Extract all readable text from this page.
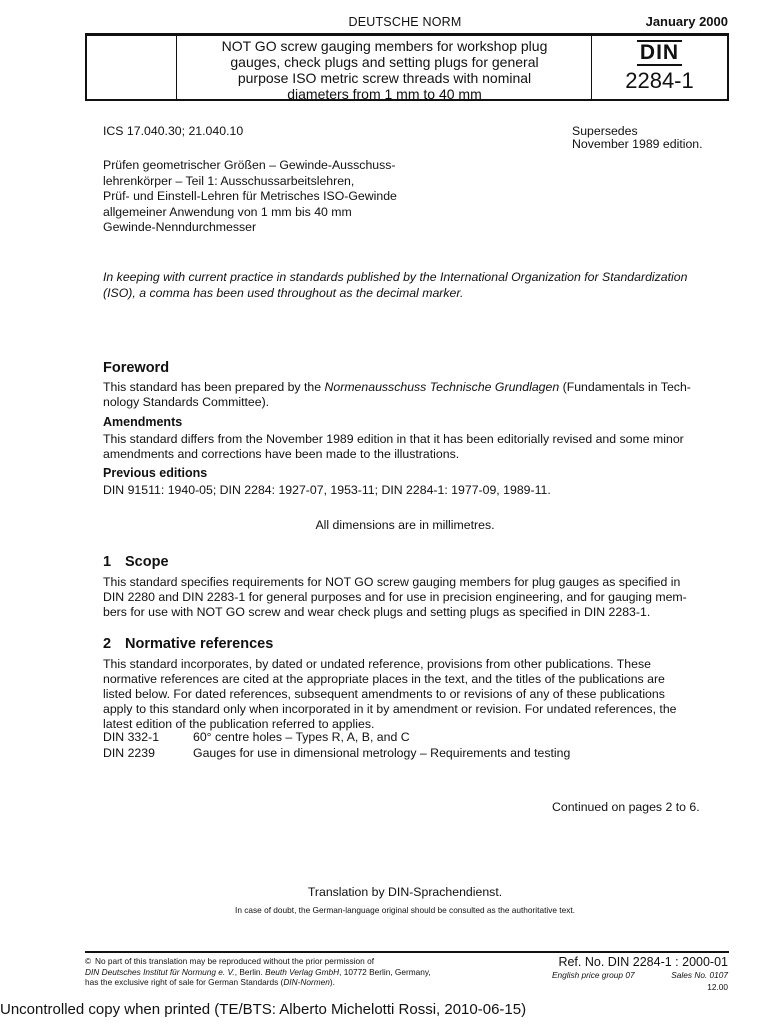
DEUTSCHE NORM	January 2000
NOT GO screw gauging members for workshop plug
gauges, check plugs and setting plugs for general
purpose ISO metric screw threads with nominal
diameters from 1 mm to 40 mm
DIN
2284-1
ICS 17.040.30; 21.040.10	Supersedes
November 1989 edition.
Prüfen geometrischer Größen – Gewinde-Ausschuss-
lehrenkörper – Teil 1: Ausschussarbeitslehren,
Prüf- und Einstell-Lehren für Metrisches ISO-Gewinde
allgemeiner Anwendung von 1 mm bis 40 mm
Gewinde-Nenndurchmesser
In keeping with current practice in standards published by the International Organization for Standardization
(ISO), a comma has been used throughout as the decimal marker.
Foreword
This standard has been prepared by the Normenausschuss Technische Grundlagen (Fundamentals in Tech-
nology Standards Committee).
Amendments
This standard differs from the November 1989 edition in that it has been editorially revised and some minor
amendments and corrections have been made to the illustrations.
Previous editions
DIN 91511: 1940-05; DIN 2284: 1927-07, 1953-11; DIN 2284-1: 1977-09, 1989-11.
All dimensions are in millimetres.
1 Scope
This standard specifies requirements for NOT GO screw gauging members for plug gauges as specified in
DIN 2280 and DIN 2283-1 for general purposes and for use in precision engineering, and for gauging mem-
bers for use with NOT GO screw and wear check plugs and setting plugs as specified in DIN 2283-1.
2 Normative references
This standard incorporates, by dated or undated reference, provisions from other publications. These
normative references are cited at the appropriate places in the text, and the titles of the publications are
listed below. For dated references, subsequent amendments to or revisions of any of these publications
apply to this standard only when incorporated in it by amendment or revision. For undated references, the
latest edition of the publication referred to applies.
DIN 332-1	60° centre holes – Types R, A, B, and C
DIN 2239	Gauges for use in dimensional metrology – Requirements and testing
Continued on pages 2 to 6.
Translation by DIN-Sprachendienst.
In case of doubt, the German-language original should be consulted as the authoritative text.
© No part of this translation may be reproduced without the prior permission of
DIN Deutsches Institut für Normung e. V., Berlin. Beuth Verlag GmbH, 10772 Berlin, Germany,
has the exclusive right of sale for German Standards (DIN-Normen).
Ref. No. DIN 2284-1 : 2000-01
English price group 07	Sales No. 0107
12.00
Uncontrolled copy when printed (TE/BTS: Alberto Michelotti Rossi, 2010-06-15)
